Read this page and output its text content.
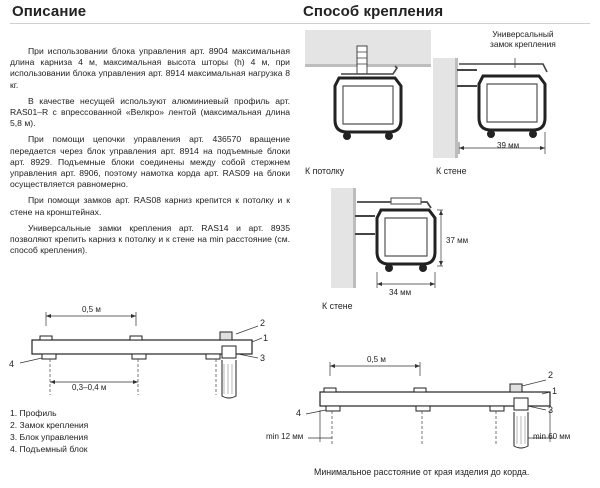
Описание	Способ крепления

При использовании блока управления арт. 8904 максимальная длина карниза 4 м, максимальная высота шторы (h) 4 м, при использовании блока управления арт. 8914 максимальная нагрузка 8 кг.

В качестве несущей используют алюминиевый профиль арт. RAS01–R с впрессованной «Велкро» лентой (максимальная длина 5,8 м).

При помощи цепочки управления арт. 436570 вращение передается через блок управления арт. 8914 на подъемные блоки арт. 8929. Подъемные блоки соединены между собой стержнем управления арт. 8906, поэтому намотка корда арт. RAS09 на блоки осуществляется равномерно.

При помощи замков арт. RAS08 карниз крепится к потолку и к стене на кронштейнах.

Универсальные замки крепления арт. RAS14 и арт. 8935 позволяют крепить карниз к потолку и к стене на min расстояние (см. способ крепления).

Универсальный
замок крепления
39 мм
К потолку	К стене
37 мм
34 мм
К стене
0,5 м
0,3–0,4 м
4
2
1
3
1. Профиль
2. Замок крепления
3. Блок управления
4. Подъемный блок
0,5 м
min 12 мм	min 60 мм
4
2
1
3
Минимальное расстояние от края изделия до корда.
